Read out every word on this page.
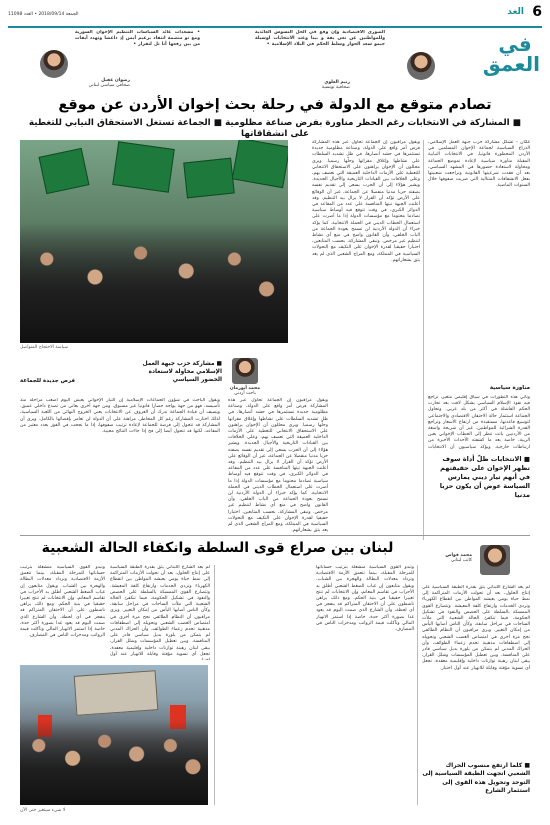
6
الغد
الجمعة 2018/09/14 • العدد 11098
في العمق
الشورى الاقتصادية وإن وقع في الحل النسوس العائدية وللمواطنين عن تعي يفة و بينا وعند الانتخابات لوسيلة جيمو سعد الحوار وسلط الحكم في البلاد الإسلامية •
• مسعدات عائد السياسات التنظيم الإخوان السورية ومع نو منضمة انتقاد بزعيم أيمن إذ داعشا وتهدد أيفات من بين رفعها أنا تل لتقرار •
رنيم العلوي
صحافية تونسية
رضوان عقيل
صحافي سياسي لبناني
تصادم متوقع مع الدولة في رحلة بحث إخوان الأردن عن موقع
■ المشاركة في الانتخابات رغم الحظر مناورة بفرض صناعة مظلومية ■ الجماعة تستغل الاستحقاق النيابي للتغطية على انشقاقاتها
سياسة الاحتجاج المتواصل
غمّان – تشكل مشاركة حزب جبهة العمل الإسلامي، الذراع السياسية لجماعة الإخوان المسلمين في الأردن المحظورة قانونيا، في الانتخابات النيابية المقبلة مناورة سياسية لإعادة تموضع الجماعة ومحاولة لاستعادة حضورها في المشهد السياسي، بعد أن فقدت شرعيتها القانونية وتراجعت شعبيتها بفعل الانشقاقات المتتالية التي ضربت صفوفها خلال السنوات الماضية.
ويقول مراقبون إن الجماعة تحاول عبر هذه المشاركة فرض أمر واقع على الدولة، وصناعة مظلومية جديدة تستثمرها في حشد أنصارها، في ظل تشديد السلطات على نشاطها وإغلاق مقراتها وحلّها رسميا. ويرى محللون أن الإخوان يراهنون على الاستحقاق الانتخابي للتغطية على الأزمات الداخلية العميقة التي تعصف بهم، وعلى الخلافات بين القيادات التاريخية والأجيال الجديدة. ويشير هؤلاء إلى أن الحزب يسعى إلى تقديم نفسه بصفته حزبا مدنيا منفصلا عن الجماعة، غير أن الوقائع على الأرض تؤكد أن القرار لا يزال بيد التنظيم. وقد أعلنت الجبهة نيتها المنافسة على عدد من المقاعد في الدوائر الكبرى، في وقت تتوقع فيه أوساط سياسية تصادما محتوما مع مؤسسات الدولة إذا ما أصرت على استعمال الخطاب الديني في الحملة الانتخابية. كما يؤكد خبراء أن الدولة الأردنية لن تسمح بعودة الجماعة من الباب الخلفي، وأن القانون واضح في منع أي نشاط لتنظيم غير مرخص. وتبقى المشاركة، بحسب المتابعين، اختبارا حقيقيا لقدرة الإخوان على التكيف مع التحولات السياسية في المملكة، ومع المزاج الشعبي الذي لم يعد يثق بشعاراتهم.
مناورة سياسية
وتأتي هذه التطورات في سياق إقليمي متغير، تراجع فيه نفوذ الإسلام السياسي بشكل لافت بعد تجارب الحكم الفاشلة في أكثر من بلد عربي. وتحاول الجماعة استثمار حالة الاحتقان الاقتصادي والاجتماعي لتوسيع قاعدتها، مستفيدة من ارتفاع الأسعار وتراجع القدرة الشرائية للمواطنين. غير أن شريحة واسعة من الأردنيين باتت تنظر إلى الخطاب الإخواني بعين الريبة، خاصة بعد ما كشفته الأحداث الأخيرة من ارتباطات خارجية. ويؤكد سياسيون أن الانتخابات
■ الانتخابات ظلّ أداة سوف تظهر الإخوان على حقيقتهم في أنهم تيار ديني يمارس السياسة عوض أن يكون حزبا مدنيا
محمد أبورمان
باحث أردني
■ مشاركة حزب جبهة العمل الإسلامي محاولة لاستعادة الحضور السياسي
ويقول الباحث في شؤون الجماعات الإسلامية إن التيار الإخواني يعيش اليوم أصعب مراحله منذ تأسيسه، فهو من جهة يواجه حصارا قانونيا غير مسبوق، ومن جهة أخرى يعاني من تصدع داخلي عميق. ويضيف أن قيادة الجماعة تدرك أن العزوف عن الانتخابات يعني الخروج النهائي من اللعبة السياسية، لذلك اختارت المشاركة رغم كل المخاطر، مراهنة على أن الدولة لن تغامر بإقصائها بالكامل. ويرى أن المشاركة قد تتحول إلى فرصة للجماعة لإعادة ترتيب صفوفها، إذا ما نجحت في الفوز بعدد معتبر من المقاعد، لكنها قد تتحول أيضا إلى فخ إذا جاءت النتائج مخيبة.
فرص جديدة للجماعة
ويقول مراقبون إن الجماعة تحاول عبر هذه المشاركة فرض أمر واقع على الدولة، وصناعة مظلومية جديدة تستثمرها في حشد أنصارها، في ظل تشديد السلطات على نشاطها وإغلاق مقراتها وحلّها رسميا. ويرى محللون أن الإخوان يراهنون على الاستحقاق الانتخابي للتغطية على الأزمات الداخلية العميقة التي تعصف بهم، وعلى الخلافات بين القيادات التاريخية والأجيال الجديدة. ويشير هؤلاء إلى أن الحزب يسعى إلى تقديم نفسه بصفته حزبا مدنيا منفصلا عن الجماعة، غير أن الوقائع على الأرض تؤكد أن القرار لا يزال بيد التنظيم. وقد أعلنت الجبهة نيتها المنافسة على عدد من المقاعد في الدوائر الكبرى، في وقت تتوقع فيه أوساط سياسية تصادما محتوما مع مؤسسات الدولة إذا ما أصرت على استعمال الخطاب الديني في الحملة الانتخابية. كما يؤكد خبراء أن الدولة الأردنية لن تسمح بعودة الجماعة من الباب الخلفي، وأن القانون واضح في منع أي نشاط لتنظيم غير مرخص. وتبقى المشاركة، بحسب المتابعين، اختبارا حقيقيا لقدرة الإخوان على التكيف مع التحولات السياسية في المملكة، ومع المزاج الشعبي الذي لم يعد يثق بشعاراتهم.
لبنان بين صراع قوى السلطة وانكفاء الحالة الشعبية	محمد قواص
كاتب لبناني
لم يعد الشارع اللبناني يثق بقدرة الطبقة السياسية على إنتاج الحلول، بعد أن تحولت الأزمات المتراكمة إلى نمط حياة يومي يعيشه المواطن بين انقطاع الكهرباء وتردي الخدمات وارتفاع كلفة المعيشة. وتتصارع القوى الممسكة بالسلطة على الحصص والنفوذ في تشكيل الحكومة، فيما تنكفئ الحالة الشعبية التي ملأت الساحات في مراحل سابقة، وكأن الناس أصابها اليأس من إمكان التغيير. ويرى مراقبون أن النظام الطائفي نجح مرة أخرى في امتصاص الغضب الشعبي وتحويله إلى اصطفافات مذهبية تخدم زعماء الطوائف، وأن الحراك المدني لم يتمكن من بلورة بديل سياسي قادر على المنافسة. وبين تعطيل المؤسسات وشلل القرار، يبقى لبنان رهينة توازنات داخلية وإقليمية معقدة، تجعل أي تسوية مؤقتة وقابلة للانهيار عند أول اختبار.
وتبدو القوى السياسية منشغلة بترتيب حساباتها للمرحلة المقبلة، بينما تتعمق الأزمة الاقتصادية وتزداد معدلات البطالة والهجرة بين الشباب. ويقول متابعون إن غياب الضغط الشعبي أطلق يد الأحزاب في تقاسم المغانم، وإن الانتخابات لم تنتج تغييرا حقيقيا في بنية الحكم. ومع ذلك، يراهن ناشطون على أن الاحتقان المتراكم قد ينفجر في أي لحظة، وأن الشارع الذي صمت اليوم قد يعود غدا بصورة أكثر حدة، خاصة إذا استمر الانهيار المالي وتآكلت قيمة الرواتب ومدخرات الناس في المصارف.
لم يعد الشارع اللبناني يثق بقدرة الطبقة السياسية على إنتاج الحلول، بعد أن تحولت الأزمات المتراكمة إلى نمط حياة يومي يعيشه المواطن بين انقطاع الكهرباء وتردي الخدمات وارتفاع كلفة المعيشة. وتتصارع القوى الممسكة بالسلطة على الحصص والنفوذ في تشكيل الحكومة، فيما تنكفئ الحالة الشعبية التي ملأت الساحات في مراحل سابقة، وكأن الناس أصابها اليأس من إمكان التغيير. ويرى مراقبون أن النظام الطائفي نجح مرة أخرى في امتصاص الغضب الشعبي وتحويله إلى اصطفافات مذهبية تخدم زعماء الطوائف، وأن الحراك المدني لم يتمكن من بلورة بديل سياسي قادر على المنافسة. وبين تعطيل المؤسسات وشلل القرار، يبقى لبنان رهينة توازنات داخلية وإقليمية معقدة، تجعل أي تسوية مؤقتة وقابلة للانهيار عند أول
وتبدو القوى السياسية منشغلة بترتيب حساباتها للمرحلة المقبلة، بينما تتعمق الأزمة الاقتصادية وتزداد معدلات البطالة والهجرة بين الشباب. ويقول متابعون إن غياب الضغط الشعبي أطلق يد الأحزاب في تقاسم المغانم، وإن الانتخابات لم تنتج تغييرا حقيقيا في بنية الحكم. ومع ذلك، يراهن ناشطون على أن الاحتقان المتراكم قد ينفجر في أي لحظة، وأن الشارع الذي صمت اليوم قد يعود غدا بصورة أكثر حدة، خاصة إذا استمر الانهيار المالي وتآكلت قيمة الرواتب ومدخرات الناس في المصارف.
■ كلما ارتفع منسوب الحراك الشعبي اتجهت الطبقة السياسية إلى التوحد وتحويل هذه القوى إلى استثمار الشارع
لا شيء سيتغير حتى الآن
